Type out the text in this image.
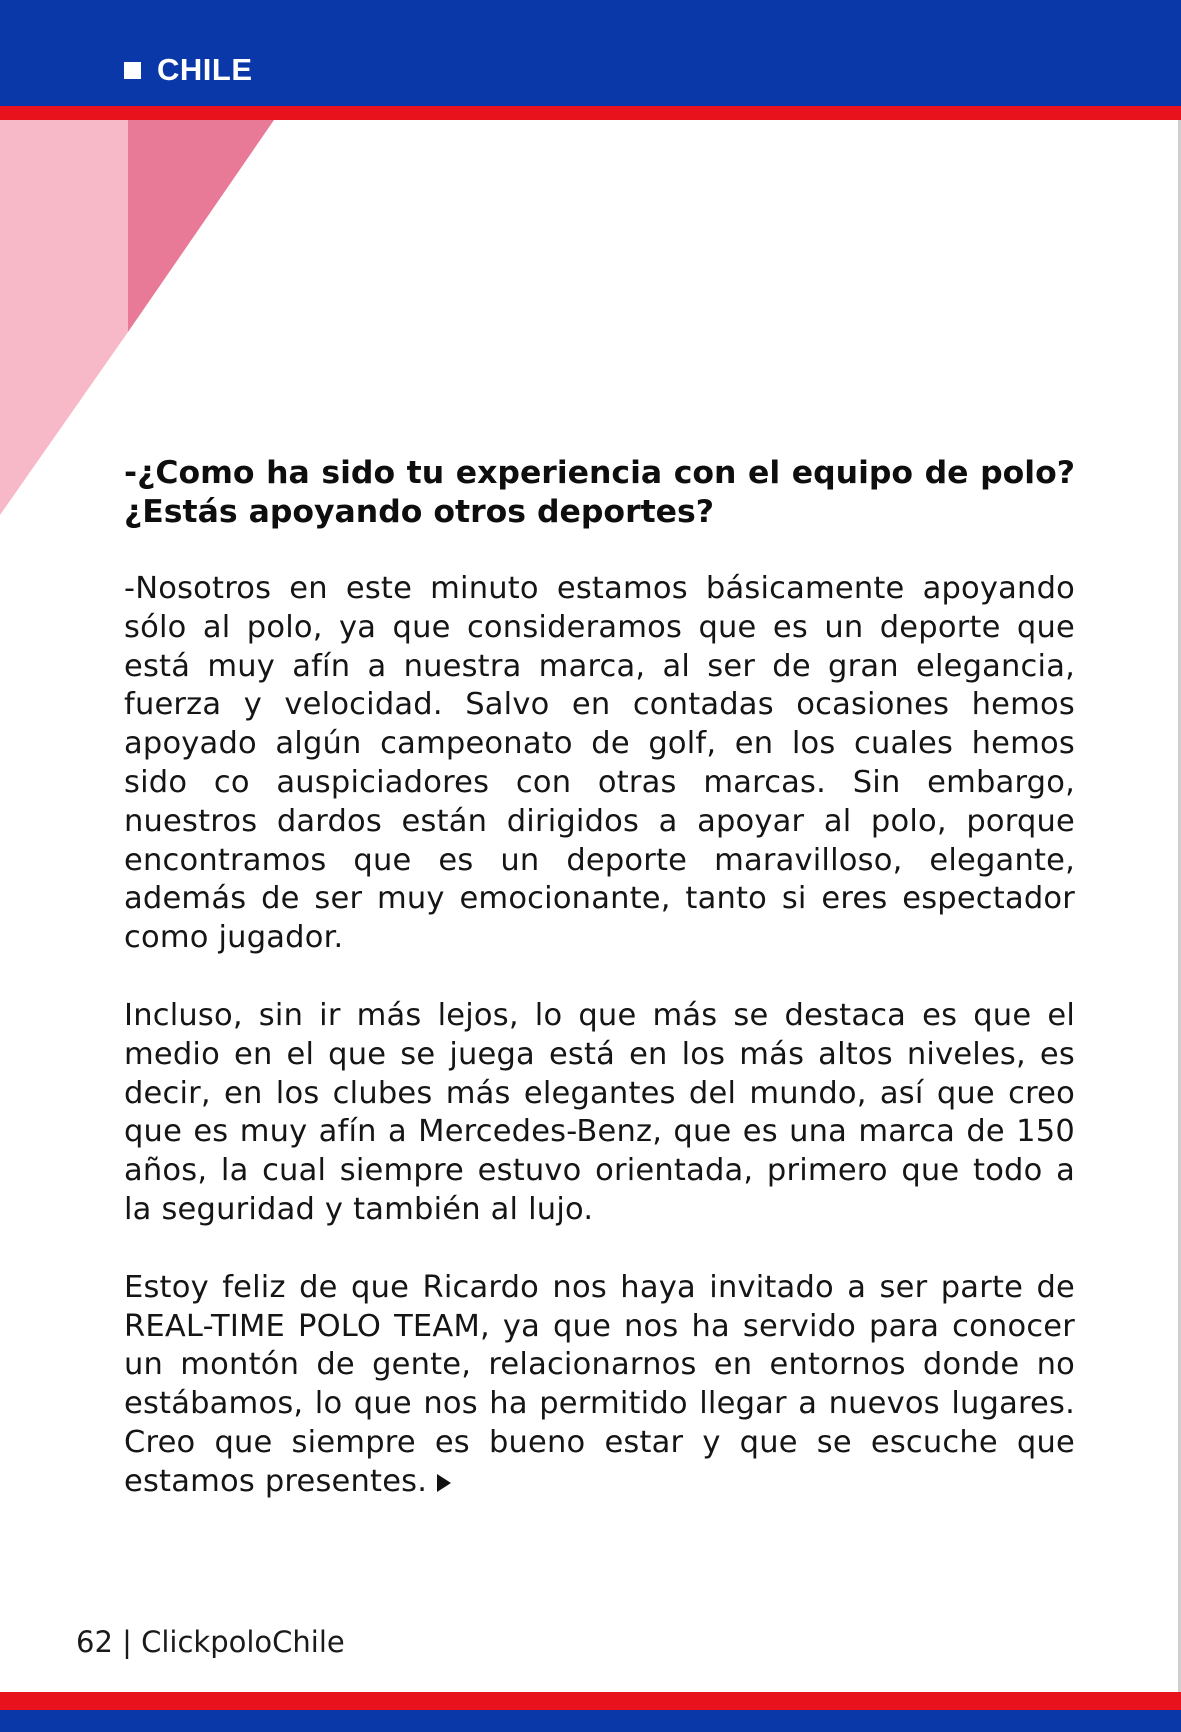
CHILE

-¿Como ha sido tu experiencia con el equipo de polo? ¿Estás apoyando otros deportes?

-Nosotros en este minuto estamos básicamente apoyando sólo al polo, ya que consideramos que es un deporte que está muy afín a nuestra marca, al ser de gran elegancia, fuerza y velocidad. Salvo en contadas ocasiones hemos apoyado algún campeonato de golf, en los cuales hemos sido co auspiciadores con otras marcas. Sin embargo, nuestros dardos están dirigidos a apoyar al polo, porque encontramos que es un deporte maravilloso, elegante, además de ser muy emocionante, tanto si eres espectador como jugador.

Incluso, sin ir más lejos, lo que más se destaca es que el medio en el que se juega está en los más altos niveles, es decir, en los clubes más elegantes del mundo, así que creo que es muy afín a Mercedes-Benz, que es una marca de 150 años, la cual siempre estuvo orientada, primero que todo a la seguridad y también al lujo.

Estoy feliz de que Ricardo nos haya invitado a ser parte de REAL-TIME POLO TEAM, ya que nos ha servido para conocer un montón de gente, relacionarnos en entornos donde no estábamos, lo que nos ha permitido llegar a nuevos lugares. Creo que siempre es bueno estar y que se escuche que estamos presentes.

62 | ClickpoloChile
